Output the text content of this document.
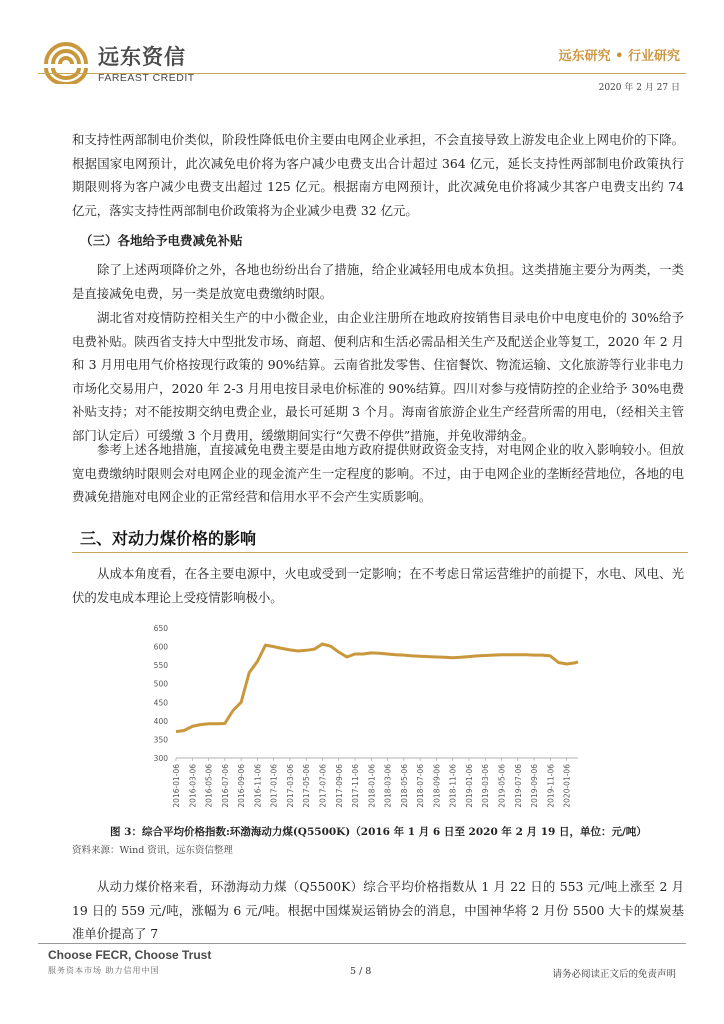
远东资信
FAREAST CREDIT
远东研究 • 行业研究
2020 年 2 月 27 日
和支持性两部制电价类似，阶段性降低电价主要由电网企业承担，不会直接导致上游发电企业上网电价的下降。根据国家电网预计，此次减免电价将为客户减少电费支出合计超过 364 亿元，延长支持性两部制电价政策执行期限则将为客户减少电费支出超过 125 亿元。根据南方电网预计，此次减免电价将减少其客户电费支出约 74 亿元，落实支持性两部制电价政策将为企业减少电费 32 亿元。
（三）各地给予电费减免补贴
除了上述两项降价之外，各地也纷纷出台了措施，给企业减轻用电成本负担。这类措施主要分为两类，一类是直接减免电费，另一类是放宽电费缴纳时限。
湖北省对疫情防控相关生产的中小微企业，由企业注册所在地政府按销售目录电价中电度电价的 30%给予电费补贴。陕西省支持大中型批发市场、商超、便利店和生活必需品相关生产及配送企业等复工，2020 年 2 月和 3 月用电用气价格按现行政策的 90%结算。云南省批发零售、住宿餐饮、物流运输、文化旅游等行业非电力市场化交易用户，2020 年 2-3 月用电按目录电价标准的 90%结算。四川对参与疫情防控的企业给予 30%电费补贴支持；对不能按期交纳电费企业，最长可延期 3 个月。海南省旅游企业生产经营所需的用电，（经相关主管部门认定后）可缓缴 3 个月费用，缓缴期间实行“欠费不停供”措施，并免收滞纳金。
参考上述各地措施，直接减免电费主要是由地方政府提供财政资金支持，对电网企业的收入影响较小。但放宽电费缴纳时限则会对电网企业的现金流产生一定程度的影响。不过，由于电网企业的垄断经营地位，各地的电费减免措施对电网企业的正常经营和信用水平不会产生实质影响。
三、对动力煤价格的影响
从成本角度看，在各主要电源中，火电或受到一定影响；在不考虑日常运营维护的前提下，水电、风电、光伏的发电成本理论上受疫情影响极小。
300
350
400
450
500
550
600
650
2016-01-06 2016-03-06 2016-05-06 2016-07-06 2016-09-06 2016-11-06 2017-01-06 2017-03-06 2017-05-06 2017-07-06 2017-09-06 2017-11-06 2018-01-06 2018-03-06 2018-05-06 2018-07-06 2018-09-06 2018-11-06 2019-01-06 2019-03-06 2019-05-06 2019-07-06 2019-09-06 2019-11-06 2020-01-06
图 3：综合平均价格指数:环渤海动力煤(Q5500K)（2016 年 1 月 6 日至 2020 年 2 月 19 日，单位：元/吨）
资料来源：Wind 资讯，远东资信整理
从动力煤价格来看，环渤海动力煤（Q5500K）综合平均价格指数从 1 月 22 日的 553 元/吨上涨至 2 月 19 日的 559 元/吨，涨幅为 6 元/吨。根据中国煤炭运销协会的消息，中国神华将 2 月份 5500 大卡的煤炭基准单价提高了 7
Choose FECR, Choose Trust
服务资本市场 助力信用中国	5 / 8	请务必阅读正文后的免责声明
